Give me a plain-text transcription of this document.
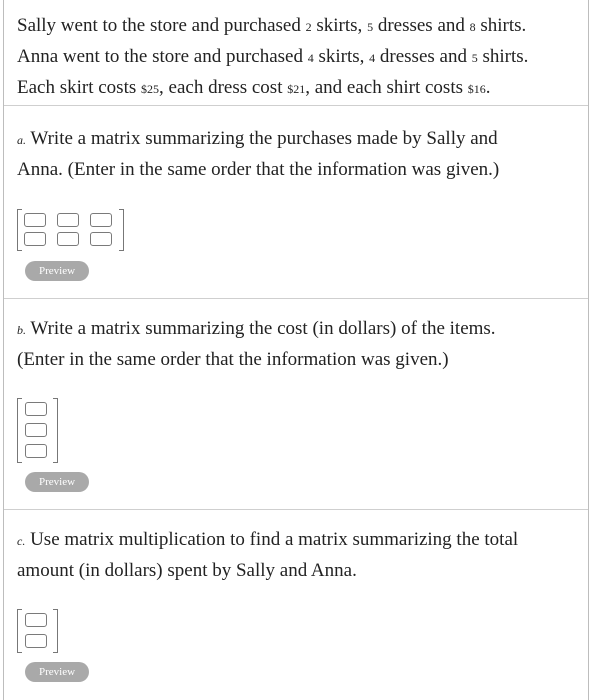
Sally went to the store and purchased 2 skirts, 5 dresses and 8 shirts.
Anna went to the store and purchased 4 skirts, 4 dresses and 5 shirts.
Each skirt costs $25, each dress cost $21, and each shirt costs $16.
a. Write a matrix summarizing the purchases made by Sally and
Anna. (Enter in the same order that the information was given.)
Preview
b. Write a matrix summarizing the cost (in dollars) of the items.
(Enter in the same order that the information was given.)
Preview
c. Use matrix multiplication to find a matrix summarizing the total
amount (in dollars) spent by Sally and Anna.
Preview
